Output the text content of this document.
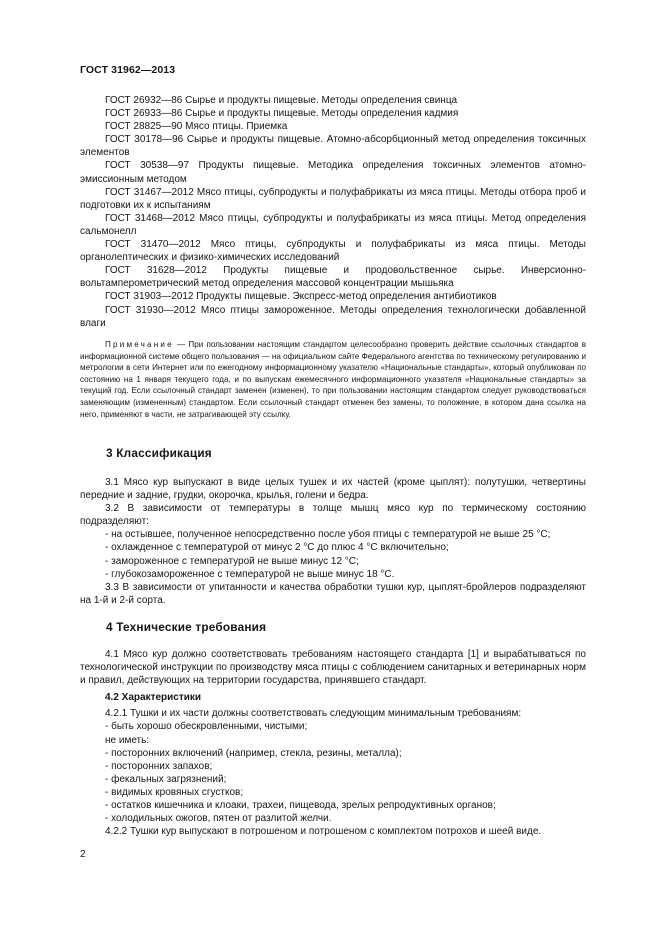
ГОСТ 31962—2013

ГОСТ 26932—86 Сырье и продукты пищевые. Методы определения свинца

ГОСТ 26933—86 Сырье и продукты пищевые. Методы определения кадмия

ГОСТ 28825—90 Мясо птицы. Приемка

ГОСТ 30178—96 Сырье и продукты пищевые. Атомно-абсорбционный метод определения токсичных элементов

ГОСТ 30538—97 Продукты пищевые. Методика определения токсичных элементов атомно-эмиссионным методом

ГОСТ 31467—2012 Мясо птицы, субпродукты и полуфабрикаты из мяса птицы. Методы отбора проб и подготовки их к испытаниям

ГОСТ 31468—2012 Мясо птицы, субпродукты и полуфабрикаты из мяса птицы. Метод определения сальмонелл

ГОСТ 31470—2012 Мясо птицы, субпродукты и полуфабрикаты из мяса птицы. Методы органолептических и физико-химических исследований

ГОСТ 31628—2012 Продукты пищевые и продовольственное сырье. Инверсионно-вольтамперометрический метод определения массовой концентрации мышьяка

ГОСТ 31903—2012 Продукты пищевые. Экспресс-метод определения антибиотиков

ГОСТ 31930—2012 Мясо птицы замороженное. Методы определения технологически добавленной влаги

Примечание — При пользовании настоящим стандартом целесообразно проверить действие ссылочных стандартов в информационной системе общего пользования — на официальном сайте Федерального агентства по техническому регулированию и метрологии в сети Интернет или по ежегодному информационному указателю «Национальные стандарты», который опубликован по состоянию на 1 января текущего года, и по выпускам ежемесячного информационного указателя «Национальные стандарты» за текущий год. Если ссылочный стандарт заменен (изменен), то при пользовании настоящим стандартом следует руководствоваться заменяющим (измененным) стандартом. Если ссылочный стандарт отменен без замены, то положение, в котором дана ссылка на него, применяют в части, не затрагивающей эту ссылку.

3 Классификация

3.1 Мясо кур выпускают в виде целых тушек и их частей (кроме цыплят): полутушки, четвертины передние и задние, грудки, окорочка, крылья, голени и бедра.

3.2 В зависимости от температуры в толще мышц мясо кур по термическому состоянию подразделяют:

- на остывшее, полученное непосредственно после убоя птицы с температурой не выше 25 °С;

- охлажденное с температурой от минус 2 °С до плюс 4 °С включительно;

- замороженное с температурой не выше минус 12 °С;

- глубокозамороженное с температурой не выше минус 18 °С.

3.3 В зависимости от упитанности и качества обработки тушки кур, цыплят-бройлеров подразделяют на 1-й и 2-й сорта.

4 Технические требования

4.1 Мясо кур должно соответствовать требованиям настоящего стандарта [1] и вырабатываться по технологической инструкции по производству мяса птицы с соблюдением санитарных и ветеринарных норм и правил, действующих на территории государства, принявшего стандарт.

4.2 Характеристики

4.2.1 Тушки и их части должны соответствовать следующим минимальным требованиям:

- быть хорошо обескровленными, чистыми;

не иметь:

- посторонних включений (например, стекла, резины, металла);

- посторонних запахов;

- фекальных загрязнений;

- видимых кровяных сгустков;

- остатков кишечника и клоаки, трахеи, пищевода, зрелых репродуктивных органов;

- холодильных ожогов, пятен от разлитой желчи.

4.2.2 Тушки кур выпускают в потрошеном и потрошеном с комплектом потрохов и шеей виде.

2
